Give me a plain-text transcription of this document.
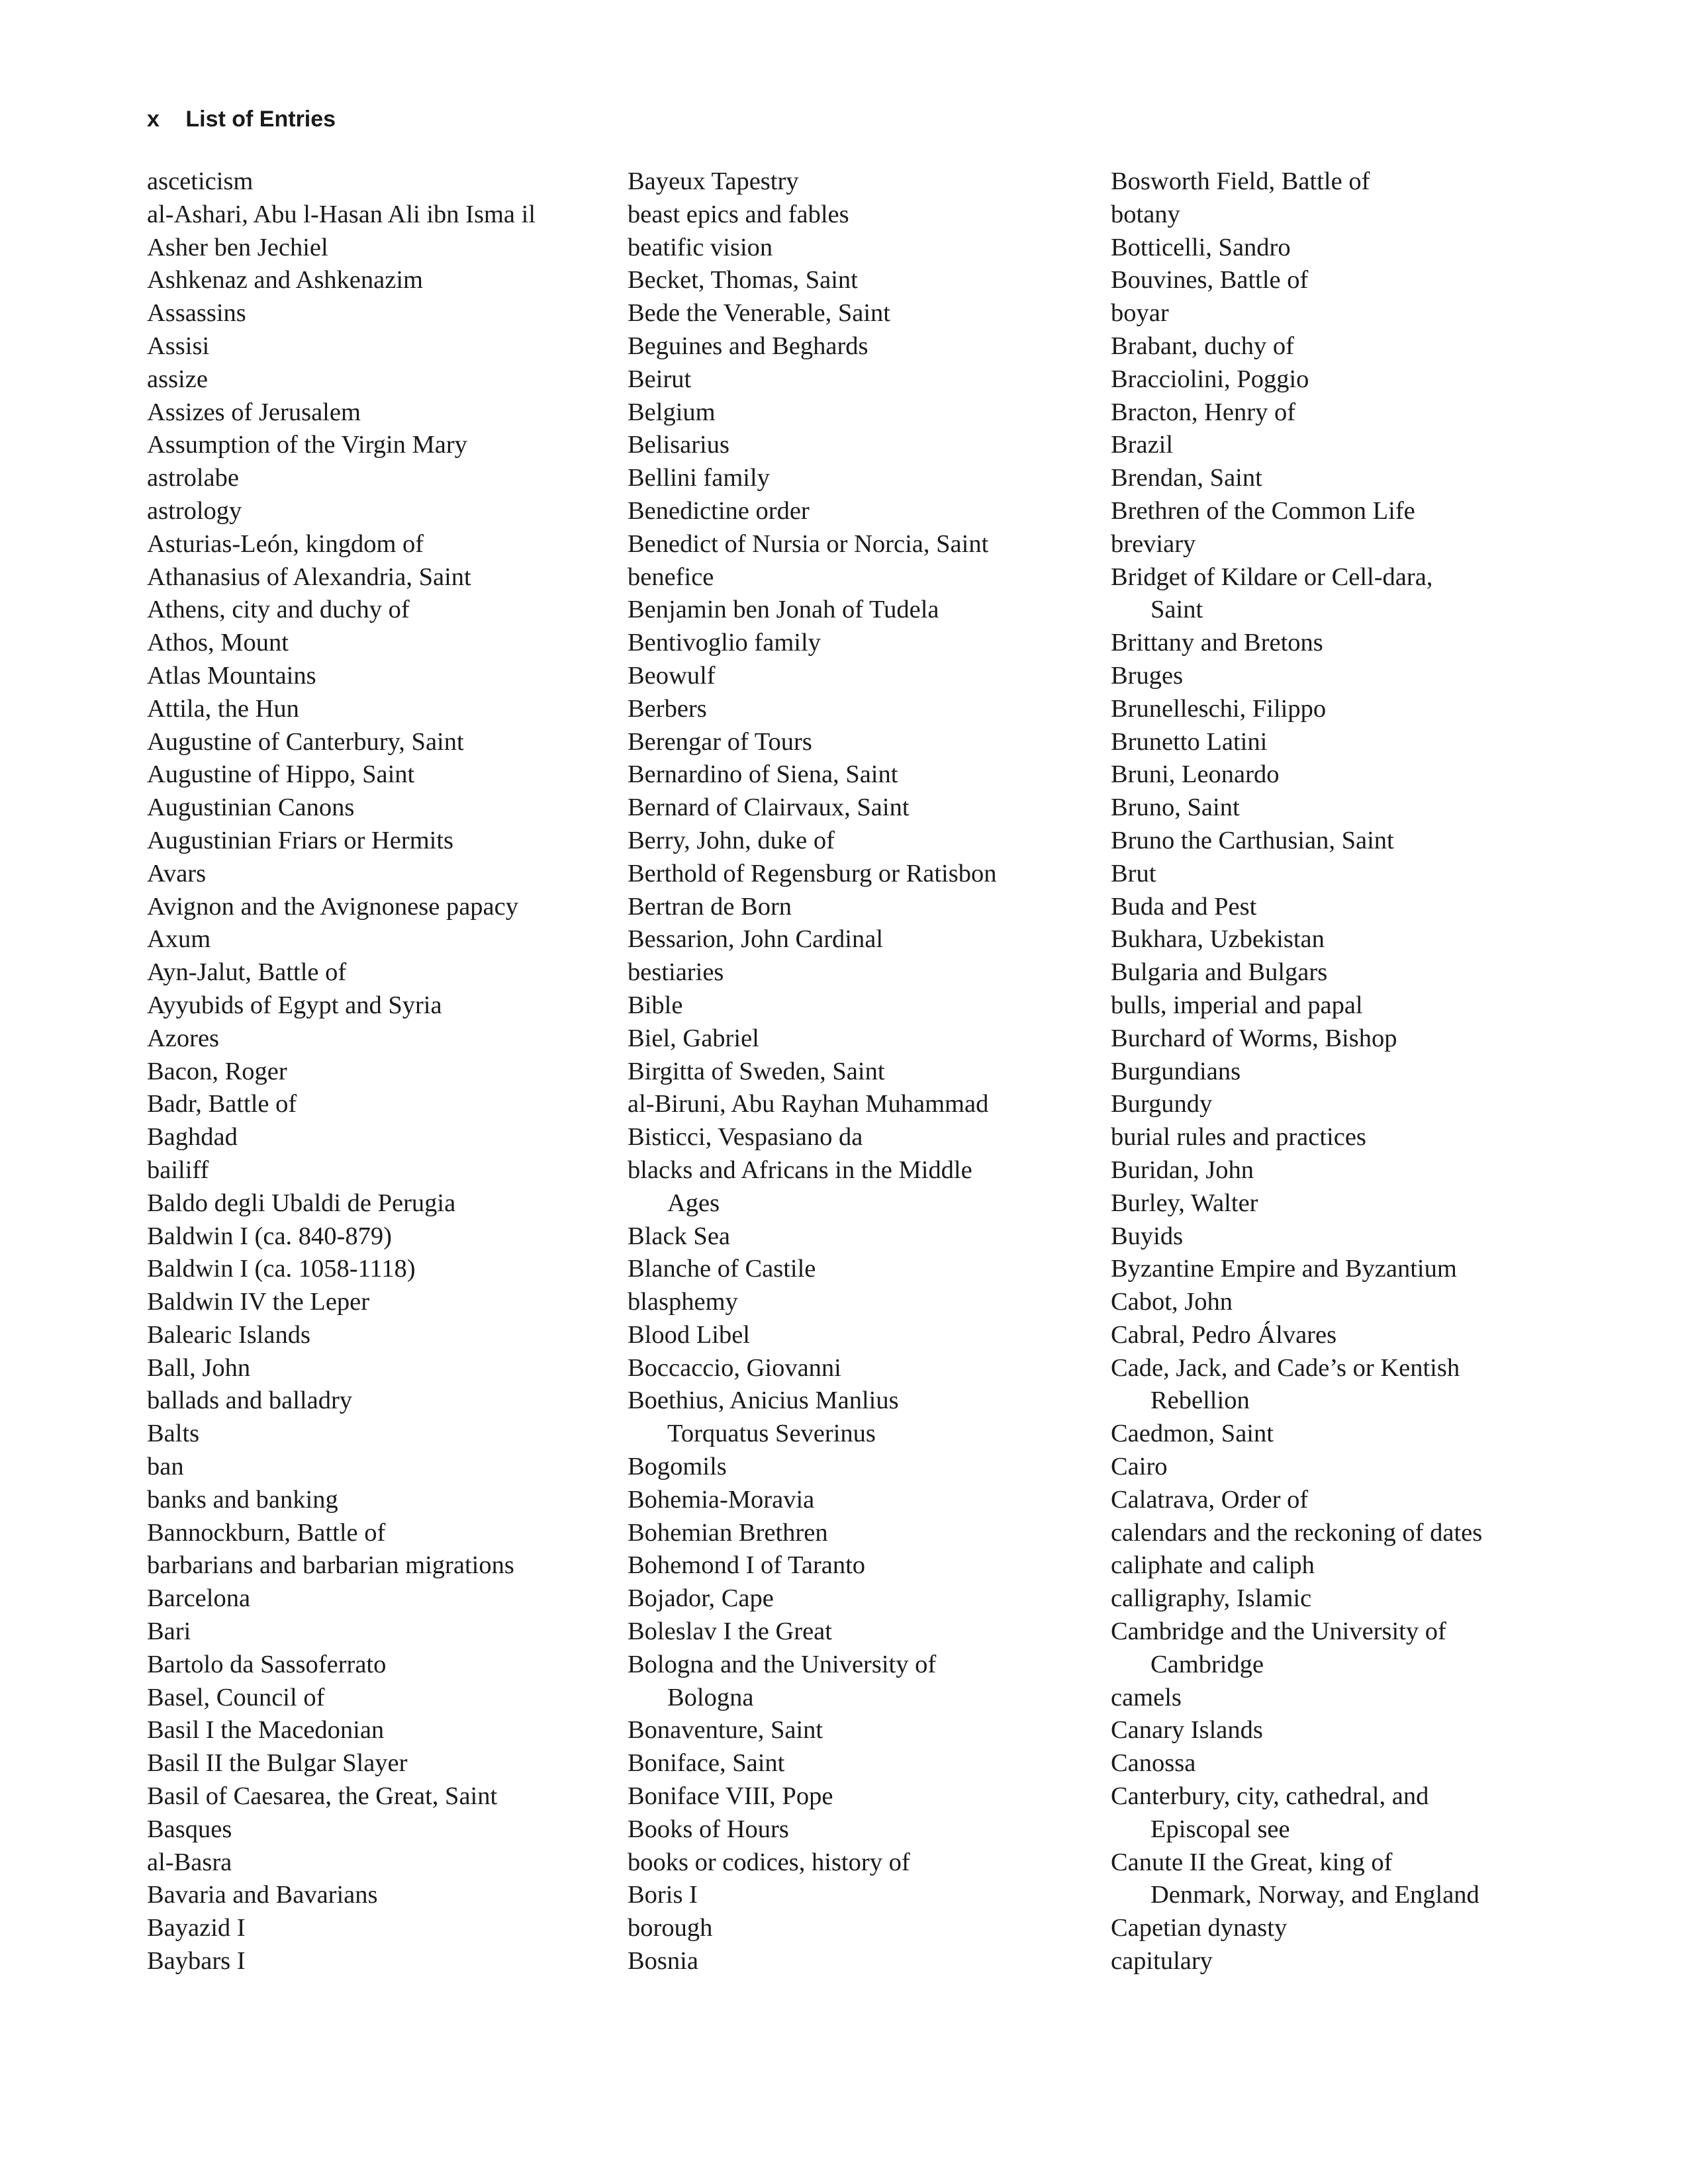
x List of Entries
asceticism
al-Ashari, Abu l-Hasan Ali ibn Isma il
Asher ben Jechiel
Ashkenaz and Ashkenazim
Assassins
Assisi
assize
Assizes of Jerusalem
Assumption of the Virgin Mary
astrolabe
astrology
Asturias-León, kingdom of
Athanasius of Alexandria, Saint
Athens, city and duchy of
Athos, Mount
Atlas Mountains
Attila, the Hun
Augustine of Canterbury, Saint
Augustine of Hippo, Saint
Augustinian Canons
Augustinian Friars or Hermits
Avars
Avignon and the Avignonese papacy
Axum
Ayn-Jalut, Battle of
Ayyubids of Egypt and Syria
Azores
Bacon, Roger
Badr, Battle of
Baghdad
bailiff
Baldo degli Ubaldi de Perugia
Baldwin I (ca. 840-879)
Baldwin I (ca. 1058-1118)
Baldwin IV the Leper
Balearic Islands
Ball, John
ballads and balladry
Balts
ban
banks and banking
Bannockburn, Battle of
barbarians and barbarian migrations
Barcelona
Bari
Bartolo da Sassoferrato
Basel, Council of
Basil I the Macedonian
Basil II the Bulgar Slayer
Basil of Caesarea, the Great, Saint
Basques
al-Basra
Bavaria and Bavarians
Bayazid I
Baybars I
Bayeux Tapestry
beast epics and fables
beatific vision
Becket, Thomas, Saint
Bede the Venerable, Saint
Beguines and Beghards
Beirut
Belgium
Belisarius
Bellini family
Benedictine order
Benedict of Nursia or Norcia, Saint
benefice
Benjamin ben Jonah of Tudela
Bentivoglio family
Beowulf
Berbers
Berengar of Tours
Bernardino of Siena, Saint
Bernard of Clairvaux, Saint
Berry, John, duke of
Berthold of Regensburg or Ratisbon
Bertran de Born
Bessarion, John Cardinal
bestiaries
Bible
Biel, Gabriel
Birgitta of Sweden, Saint
al-Biruni, Abu Rayhan Muhammad
Bisticci, Vespasiano da
blacks and Africans in the Middle
Ages
Black Sea
Blanche of Castile
blasphemy
Blood Libel
Boccaccio, Giovanni
Boethius, Anicius Manlius
Torquatus Severinus
Bogomils
Bohemia-Moravia
Bohemian Brethren
Bohemond I of Taranto
Bojador, Cape
Boleslav I the Great
Bologna and the University of
Bologna
Bonaventure, Saint
Boniface, Saint
Boniface VIII, Pope
Books of Hours
books or codices, history of
Boris I
borough
Bosnia
Bosworth Field, Battle of
botany
Botticelli, Sandro
Bouvines, Battle of
boyar
Brabant, duchy of
Bracciolini, Poggio
Bracton, Henry of
Brazil
Brendan, Saint
Brethren of the Common Life
breviary
Bridget of Kildare or Cell-dara,
Saint
Brittany and Bretons
Bruges
Brunelleschi, Filippo
Brunetto Latini
Bruni, Leonardo
Bruno, Saint
Bruno the Carthusian, Saint
Brut
Buda and Pest
Bukhara, Uzbekistan
Bulgaria and Bulgars
bulls, imperial and papal
Burchard of Worms, Bishop
Burgundians
Burgundy
burial rules and practices
Buridan, John
Burley, Walter
Buyids
Byzantine Empire and Byzantium
Cabot, John
Cabral, Pedro Álvares
Cade, Jack, and Cade’s or Kentish
Rebellion
Caedmon, Saint
Cairo
Calatrava, Order of
calendars and the reckoning of dates
caliphate and caliph
calligraphy, Islamic
Cambridge and the University of
Cambridge
camels
Canary Islands
Canossa
Canterbury, city, cathedral, and
Episcopal see
Canute II the Great, king of
Denmark, Norway, and England
Capetian dynasty
capitulary
